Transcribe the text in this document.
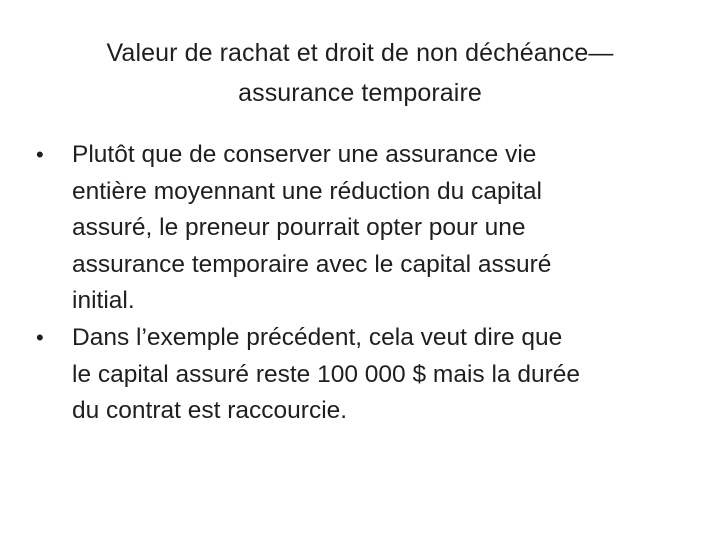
Valeur de rachat et droit de non déchéance—
assurance temporaire
• Plutôt que de conserver une assurance vie
entière moyennant une réduction du capital
assuré, le preneur pourrait opter pour une
assurance temporaire avec le capital assuré
initial.
• Dans l’exemple précédent, cela veut dire que
le capital assuré reste 100 000 $ mais la durée
du contrat est raccourcie.
